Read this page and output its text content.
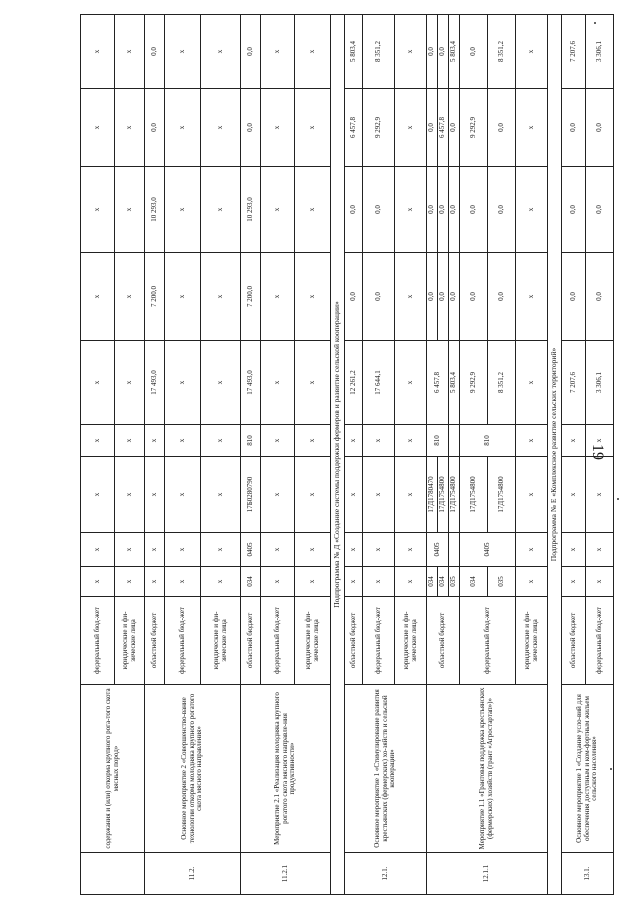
19
	содержания и (или) откорма крупного рога-того скота мясных пород»	федеральный бюд-жет	x	x	x	x	x	x	x	x	x
		юридические и фи-зические лица	x	x	x	x	x	x	x	x	x
11.2.	Основное мероприятие 2 «Совершенство-вание технологии откорма молодняка крупного рогатого скота мясного направления»	областной бюджет	x	x	x	x	17 493,0	7 200,0	10 293,0	0,0	0,0
		федеральный бюд-жет	x	x	x	x	x	x	x	x	x
		юридические и фи-зические лица	x	x	x	x	x	x	x	x	x
11.2.1	Мероприятие 2.1 «Реализация молодняка крупного рогатого скота мясного направле-ния продуктивности»	областной бюджет	034	0405	17Б0280790	810	17 493,0	7 200,0	10 293,0	0,0	0,0
		федеральный бюд-жет	x	x	x	x	x	x	x	x	x
		юридические и фи-зические лица	x	x	x	x	x	x	x	x	x
Подпрограмма № Д «Создание системы поддержки фермеров и развитие сельской кооперации»											
12.1.	Основное мероприятие 1 «Стимулирование развития крестьянских (фермерских) хо-зяйств и сельской кооперации»	областной бюджет	x	x	x	x	12 261,2	0,0	0,0	6 457,8	5 803,4
		федеральный бюд-жет	x	x	x	x	17 644,1	0,0	0,0	9 292,9	8 351,2
		юридические и фи-зические лица	x	x	x	x	x	x	x	x	x
12.1.1	Мероприятие 1.1 «Грантовая поддержка крестьянских (фермерских) хозяйств (грант «Агростартап»)»	областной бюджет	034	0405	17Д1780470	810	6 457,8	0,0	0,0	0,0	0,0
			034		17Д1754800			0,0	0,0	6 457,8	0,0
			035		17Д1754800		5 803,4	0,0	0,0	0,0	5 803,4
		федеральный бюд-жет	034	0405	17Д1754800	810	9 292,9	0,0	0,0	9 292,9	0,0
			035		17Д1754800		8 351,2	0,0	0,0	0,0	8 351,2
		юридические и фи-зические лица	x	x	x	x	x	x	x	x	x
Подпрограмма № Е «Комплексное развитие сельских территорий»											
13.1.	Основное мероприятие 1 «Создание усло-вий для обеспечения доступным и ком-фортным жильем сельского населения»	областной бюджет	x	x	x	x	7 207,6	0,0	0,0	0,0	7 207,6
		федеральный бюд-жет	x	x	x	x	3 306,1	0,0	0,0	0,0	3 306,1
